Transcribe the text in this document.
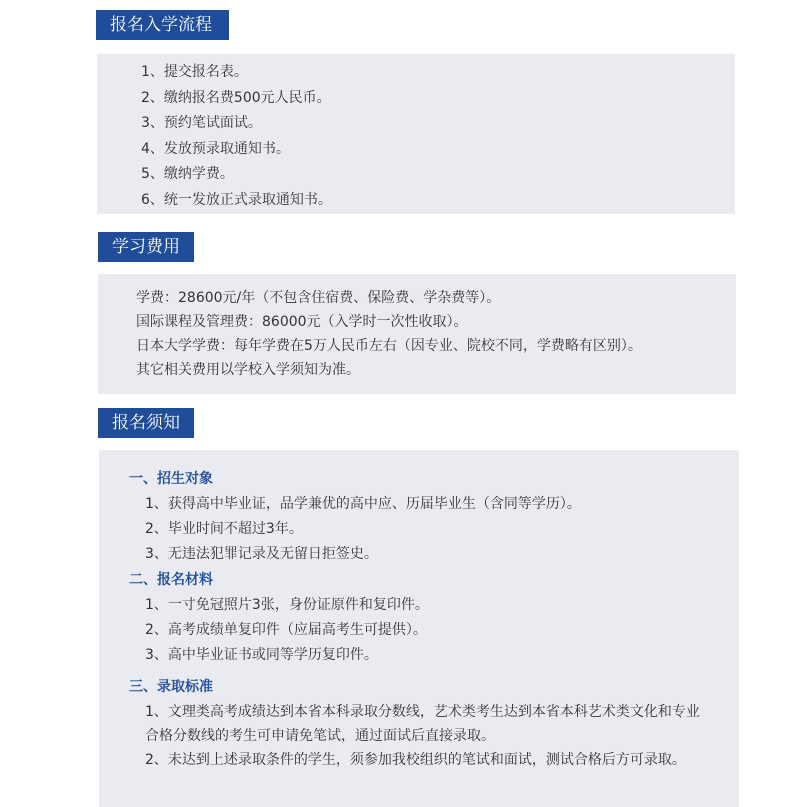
报名入学流程
1、提交报名表。
2、缴纳报名费500元人民币。
3、预约笔试面试。
4、发放预录取通知书。
5、缴纳学费。
6、统一发放正式录取通知书。
学习费用
学费：28600元/年（不包含住宿费、保险费、学杂费等）。
国际课程及管理费：86000元（入学时一次性收取）。
日本大学学费：每年学费在5万人民币左右（因专业、院校不同，学费略有区别）。
其它相关费用以学校入学须知为准。
报名须知
一、招生对象
1、获得高中毕业证，品学兼优的高中应、历届毕业生（含同等学历）。
2、毕业时间不超过3年。
3、无违法犯罪记录及无留日拒签史。
二、报名材料
1、一寸免冠照片3张，身份证原件和复印件。
2、高考成绩单复印件（应届高考生可提供）。
3、高中毕业证书或同等学历复印件。
三、录取标准
1、文理类高考成绩达到本省本科录取分数线，艺术类考生达到本省本科艺术类文化和专业合格分数线的考生可申请免笔试，通过面试后直接录取。
2、未达到上述录取条件的学生，须参加我校组织的笔试和面试，测试合格后方可录取。
